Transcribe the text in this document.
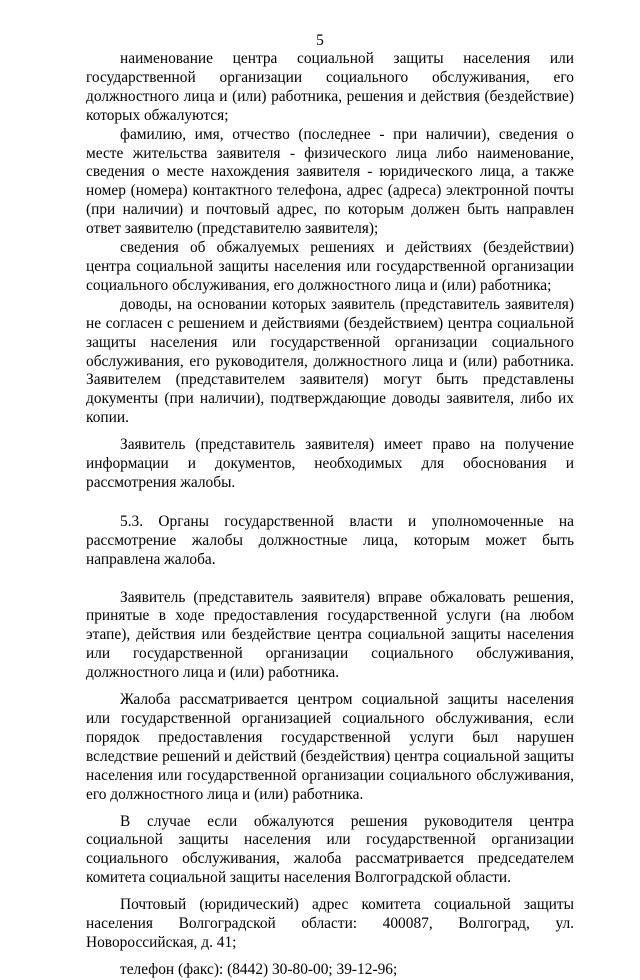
5

наименование центра социальной защиты населения или государственной организации социального обслуживания, его должностного лица и (или) работника, решения и действия (бездействие) которых обжалуются;

фамилию, имя, отчество (последнее - при наличии), сведения о месте жительства заявителя - физического лица либо наименование, сведения о месте нахождения заявителя - юридического лица, а также номер (номера) контактного телефона, адрес (адреса) электронной почты (при наличии) и почтовый адрес, по которым должен быть направлен ответ заявителю (представителю заявителя);

сведения об обжалуемых решениях и действиях (бездействии) центра социальной защиты населения или государственной организации социального обслуживания, его должностного лица и (или) работника;

доводы, на основании которых заявитель (представитель заявителя) не согласен с решением и действиями (бездействием) центра социальной защиты населения или государственной организации социального обслуживания, его руководителя, должностного лица и (или) работника. Заявителем (представителем заявителя) могут быть представлены документы (при наличии), подтверждающие доводы заявителя, либо их копии.

Заявитель (представитель заявителя) имеет право на получение информации и документов, необходимых для обоснования и рассмотрения жалобы.

5.3. Органы государственной власти и уполномоченные на рассмотрение жалобы должностные лица, которым может быть направлена жалоба.

Заявитель (представитель заявителя) вправе обжаловать решения, принятые в ходе предоставления государственной услуги (на любом этапе), действия или бездействие центра социальной защиты населения или государственной организации социального обслуживания, должностного лица и (или) работника.

Жалоба рассматривается центром социальной защиты населения или государственной организацией социального обслуживания, если порядок предоставления государственной услуги был нарушен вследствие решений и действий (бездействия) центра социальной защиты населения или государственной организации социального обслуживания, его должностного лица и (или) работника.

В случае если обжалуются решения руководителя центра социальной защиты населения или государственной организации социального обслуживания, жалоба рассматривается председателем комитета социальной защиты населения Волгоградской области.

Почтовый (юридический) адрес комитета социальной защиты населения Волгоградской области: 400087, Волгоград, ул. Новороссийская, д. 41;

телефон (факс): (8442) 30-80-00; 39-12-96;
